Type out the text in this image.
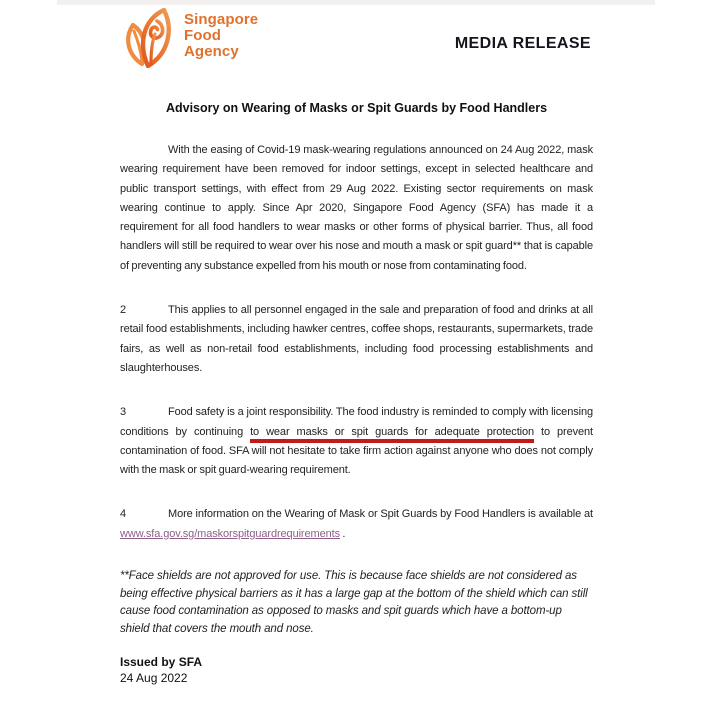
Singapore
Food
Agency	MEDIA RELEASE
Advisory on Wearing of Masks or Spit Guards by Food Handlers

With the easing of Covid-19 mask-wearing regulations announced on 24 Aug 2022, mask wearing requirement have been removed for indoor settings, except in selected healthcare and public transport settings, with effect from 29 Aug 2022. Existing sector requirements on mask wearing continue to apply. Since Apr 2020, Singapore Food Agency (SFA) has made it a requirement for all food handlers to wear masks or other forms of physical barrier. Thus, all food handlers will still be required to wear over his nose and mouth a mask or spit guard** that is capable of preventing any substance expelled from his mouth or nose from contaminating food.

2	This applies to all personnel engaged in the sale and preparation of food and drinks at all retail food establishments, including hawker centres, coffee shops, restaurants, supermarkets, trade fairs, as well as non-retail food establishments, including food processing establishments and slaughterhouses.

3	Food safety is a joint responsibility. The food industry is reminded to comply with licensing conditions by continuing to wear masks or spit guards for adequate protection to prevent contamination of food. SFA will not hesitate to take firm action against anyone who does not comply with the mask or spit guard-wearing requirement.

4	More information on the Wearing of Mask or Spit Guards by Food Handlers is available at www.sfa.gov.sg/maskorspitguardrequirements .

**Face shields are not approved for use. This is because face shields are not considered as being effective physical barriers as it has a large gap at the bottom of the shield which can still cause food contamination as opposed to masks and spit guards which have a bottom-up shield that covers the mouth and nose.

Issued by SFA
24 Aug 2022
